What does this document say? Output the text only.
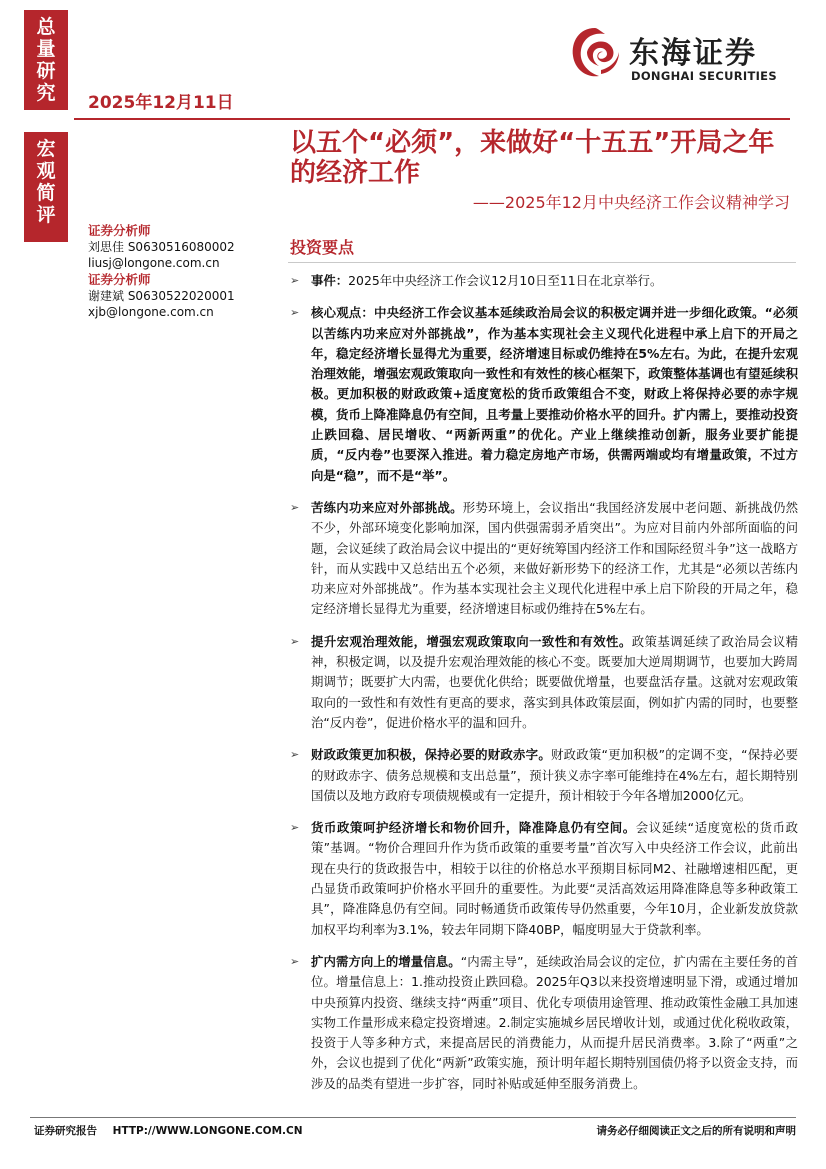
总
量
研
究
宏
观
简
评
2025年12月11日
东海证券
DONGHAI SECURITIES
以五个“必须”，来做好“十五五”开局之年的经济工作
——2025年12月中央经济工作会议精神学习
证券分析师
刘思佳 S0630516080002
liusj@longone.com.cn
证券分析师
谢建斌 S0630522020001
xjb@longone.com.cn
投资要点
➢ 事件：2025年中央经济工作会议12月10日至11日在北京举行。
➢ 核心观点：中央经济工作会议基本延续政治局会议的积极定调并进一步细化政策。“必须以苦练内功来应对外部挑战”，作为基本实现社会主义现代化进程中承上启下的开局之年，稳定经济增长显得尤为重要，经济增速目标或仍维持在5%左右。为此，在提升宏观治理效能，增强宏观政策取向一致性和有效性的核心框架下，政策整体基调也有望延续积极。更加积极的财政政策+适度宽松的货币政策组合不变，财政上将保持必要的赤字规模，货币上降准降息仍有空间，且考量上要推动价格水平的回升。扩内需上，要推动投资止跌回稳、居民增收、“两新两重”的优化。产业上继续推动创新，服务业要扩能提质，“反内卷”也要深入推进。着力稳定房地产市场，供需两端或均有增量政策，不过方向是“稳”，而不是“举”。
➢ 苦练内功来应对外部挑战。形势环境上，会议指出“我国经济发展中老问题、新挑战仍然不少，外部环境变化影响加深，国内供强需弱矛盾突出”。为应对目前内外部所面临的问题，会议延续了政治局会议中提出的“更好统筹国内经济工作和国际经贸斗争”这一战略方针，而从实践中又总结出五个必须，来做好新形势下的经济工作，尤其是“必须以苦练内功来应对外部挑战”。作为基本实现社会主义现代化进程中承上启下阶段的开局之年，稳定经济增长显得尤为重要，经济增速目标或仍维持在5%左右。
➢ 提升宏观治理效能，增强宏观政策取向一致性和有效性。政策基调延续了政治局会议精神，积极定调，以及提升宏观治理效能的核心不变。既要加大逆周期调节，也要加大跨周期调节；既要扩大内需，也要优化供给；既要做优增量，也要盘活存量。这就对宏观政策取向的一致性和有效性有更高的要求，落实到具体政策层面，例如扩内需的同时，也要整治“反内卷”，促进价格水平的温和回升。
➢ 财政政策更加积极，保持必要的财政赤字。财政政策“更加积极”的定调不变，“保持必要的财政赤字、债务总规模和支出总量”，预计狭义赤字率可能维持在4%左右，超长期特别国债以及地方政府专项债规模或有一定提升，预计相较于今年各增加2000亿元。
➢ 货币政策呵护经济增长和物价回升，降准降息仍有空间。会议延续“适度宽松的货币政策”基调。“物价合理回升作为货币政策的重要考量”首次写入中央经济工作会议，此前出现在央行的货政报告中，相较于以往的价格总水平预期目标同M2、社融增速相匹配，更凸显货币政策呵护价格水平回升的重要性。为此要“灵活高效运用降准降息等多种政策工具”，降准降息仍有空间。同时畅通货币政策传导仍然重要，今年10月，企业新发放贷款加权平均利率为3.1%，较去年同期下降40BP，幅度明显大于贷款利率。
➢ 扩内需方向上的增量信息。“内需主导”，延续政治局会议的定位，扩内需在主要任务的首位。增量信息上：1.推动投资止跌回稳。2025年Q3以来投资增速明显下滑，或通过增加中央预算内投资、继续支持“两重”项目、优化专项债用途管理、推动政策性金融工具加速实物工作量形成来稳定投资增速。2.制定实施城乡居民增收计划，或通过优化税收政策，投资于人等多种方式，来提高居民的消费能力，从而提升居民消费率。3.除了“两重”之外，会议也提到了优化“两新”政策实施，预计明年超长期特别国债仍将予以资金支持，而涉及的品类有望进一步扩容，同时补贴或延伸至服务消费上。
证券研究报告 HTTP://WWW.LONGONE.COM.CN	请务必仔细阅读正文之后的所有说明和声明
